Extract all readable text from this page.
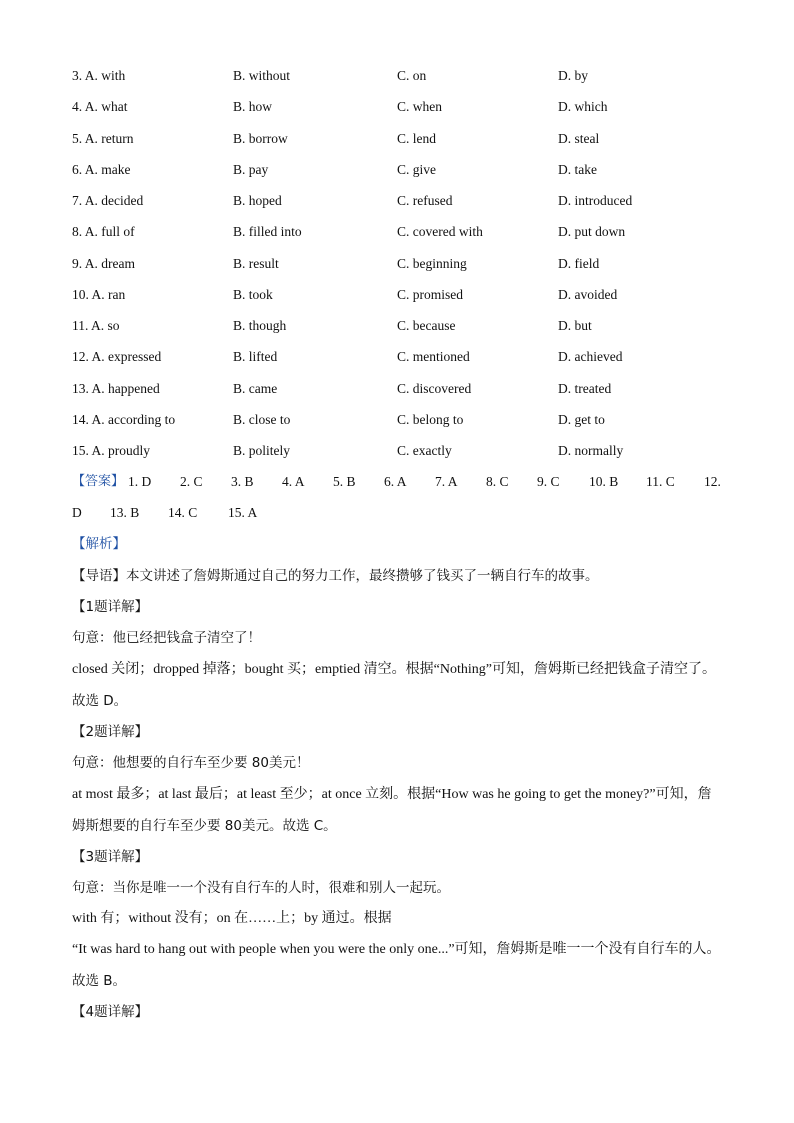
3. A. with	B. without	C. on	D. by
4. A. what	B. how	C. when	D. which
5. A. return	B. borrow	C. lend	D. steal
6. A. make	B. pay	C. give	D. take
7. A. decided	B. hoped	C. refused	D. introduced
8. A. full of	B. filled into	C. covered with	D. put down
9. A. dream	B. result	C. beginning	D. field
10. A. ran	B. took	C. promised	D. avoided
11. A. so	B. though	C. because	D. but
12. A. expressed	B. lifted	C. mentioned	D. achieved
13. A. happened	B. came	C. discovered	D. treated
14. A. according to	B. close to	C. belong to	D. get to
15. A. proudly	B. politely	C. exactly	D. normally
【答案】 1. D 2. C 3. B 4. A 5. B 6. A 7. A 8. C 9. C 10. B 11. C 12.
D 13. B 14. C 15. A
【解析】
【导语】本文讲述了詹姆斯通过自己的努力工作，最终攒够了钱买了一辆自行车的故事。
【1题详解】
句意：他已经把钱盒子清空了！
closed 关闭；dropped 掉落；bought 买；emptied 清空。根据“Nothing”可知，詹姆斯已经把钱盒子清空了。
故选 D。
【2题详解】
句意：他想要的自行车至少要 80美元！
at most 最多；at last 最后；at least 至少；at once 立刻。根据“How was he going to get the money?”可知，詹
姆斯想要的自行车至少要 80美元。故选 C。
【3题详解】
句意：当你是唯一一个没有自行车的人时，很难和别人一起玩。
with 有；without 没有；on 在……上；by 通过。根据
“It was hard to hang out with people when you were the only one...”可知，詹姆斯是唯一一个没有自行车的人。
故选 B。
【4题详解】
